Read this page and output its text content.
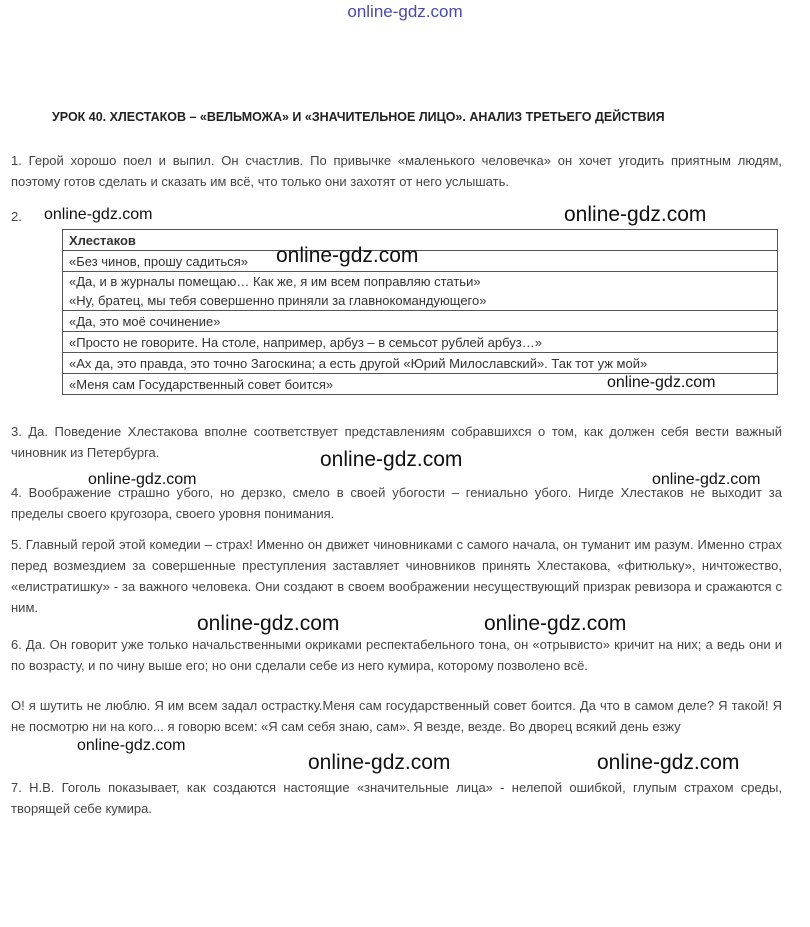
online-gdz.com
УРОК 40. ХЛЕСТАКОВ – «ВЕЛЬМОЖА» И «ЗНАЧИТЕЛЬНОЕ ЛИЦО». АНАЛИЗ ТРЕТЬЕГО ДЕЙСТВИЯ
1. Герой хорошо поел и выпил. Он счастлив. По привычке «маленького человечка» он хочет угодить приятным людям, поэтому готов сделать и сказать им всё, что только они захотят от него услышать.
2.
Хлестаков
«Без чинов, прошу садиться»

«Да, и в журналы помещаю… Как же, я им всем поправляю статьи»
«Ну, братец, мы тебя совершенно приняли за главнокомандующего»

«Да, это моё сочинение»
«Просто не говорите. На столе, например, арбуз – в семьсот рублей арбуз…»
«Ах да, это правда, это точно Загоскина; а есть другой «Юрий Милославский». Так тот уж мой»
«Меня сам Государственный совет боится»
3. Да. Поведение Хлестакова вполне соответствует представлениям собравшихся о том, как должен себя вести важный чиновник из Петербурга.
4. Воображение страшно убого, но дерзко, смело в своей убогости – гениально убого. Нигде Хлестаков не выходит за пределы своего кругозора, своего уровня понимания.
5. Главный герой этой комедии – страх! Именно он движет чиновниками с самого начала, он туманит им разум. Именно страх перед возмездием за совершенные преступления заставляет чиновников принять Хлестакова, «фитюльку», ничтожество, «елистратишку» - за важного человека. Они создают в своем воображении несуществующий призрак ревизора и сражаются с ним.
6. Да. Он говорит уже только начальственными окриками респектабельного тона, он «отрывисто» кричит на них; а ведь они и по возрасту, и по чину выше его; но они сделали себе из него кумира, которому позволено всё.
О! я шутить не люблю. Я им всем задал острастку.Меня сам государственный совет боится. Да что в самом деле? Я такой! Я не посмотрю ни на кого... я говорю всем: «Я сам себя знаю, сам». Я везде, везде. Во дворец всякий день езжу
7. Н.В. Гоголь показывает, как создаются настоящие «значительные лица» - нелепой ошибкой, глупым страхом среды, творящей себе кумира.
online-gdz.com	online-gdz.com
online-gdz.com
online-gdz.com
online-gdz.com
online-gdz.com	online-gdz.com
online-gdz.com	online-gdz.com
online-gdz.com
online-gdz.com	online-gdz.com
